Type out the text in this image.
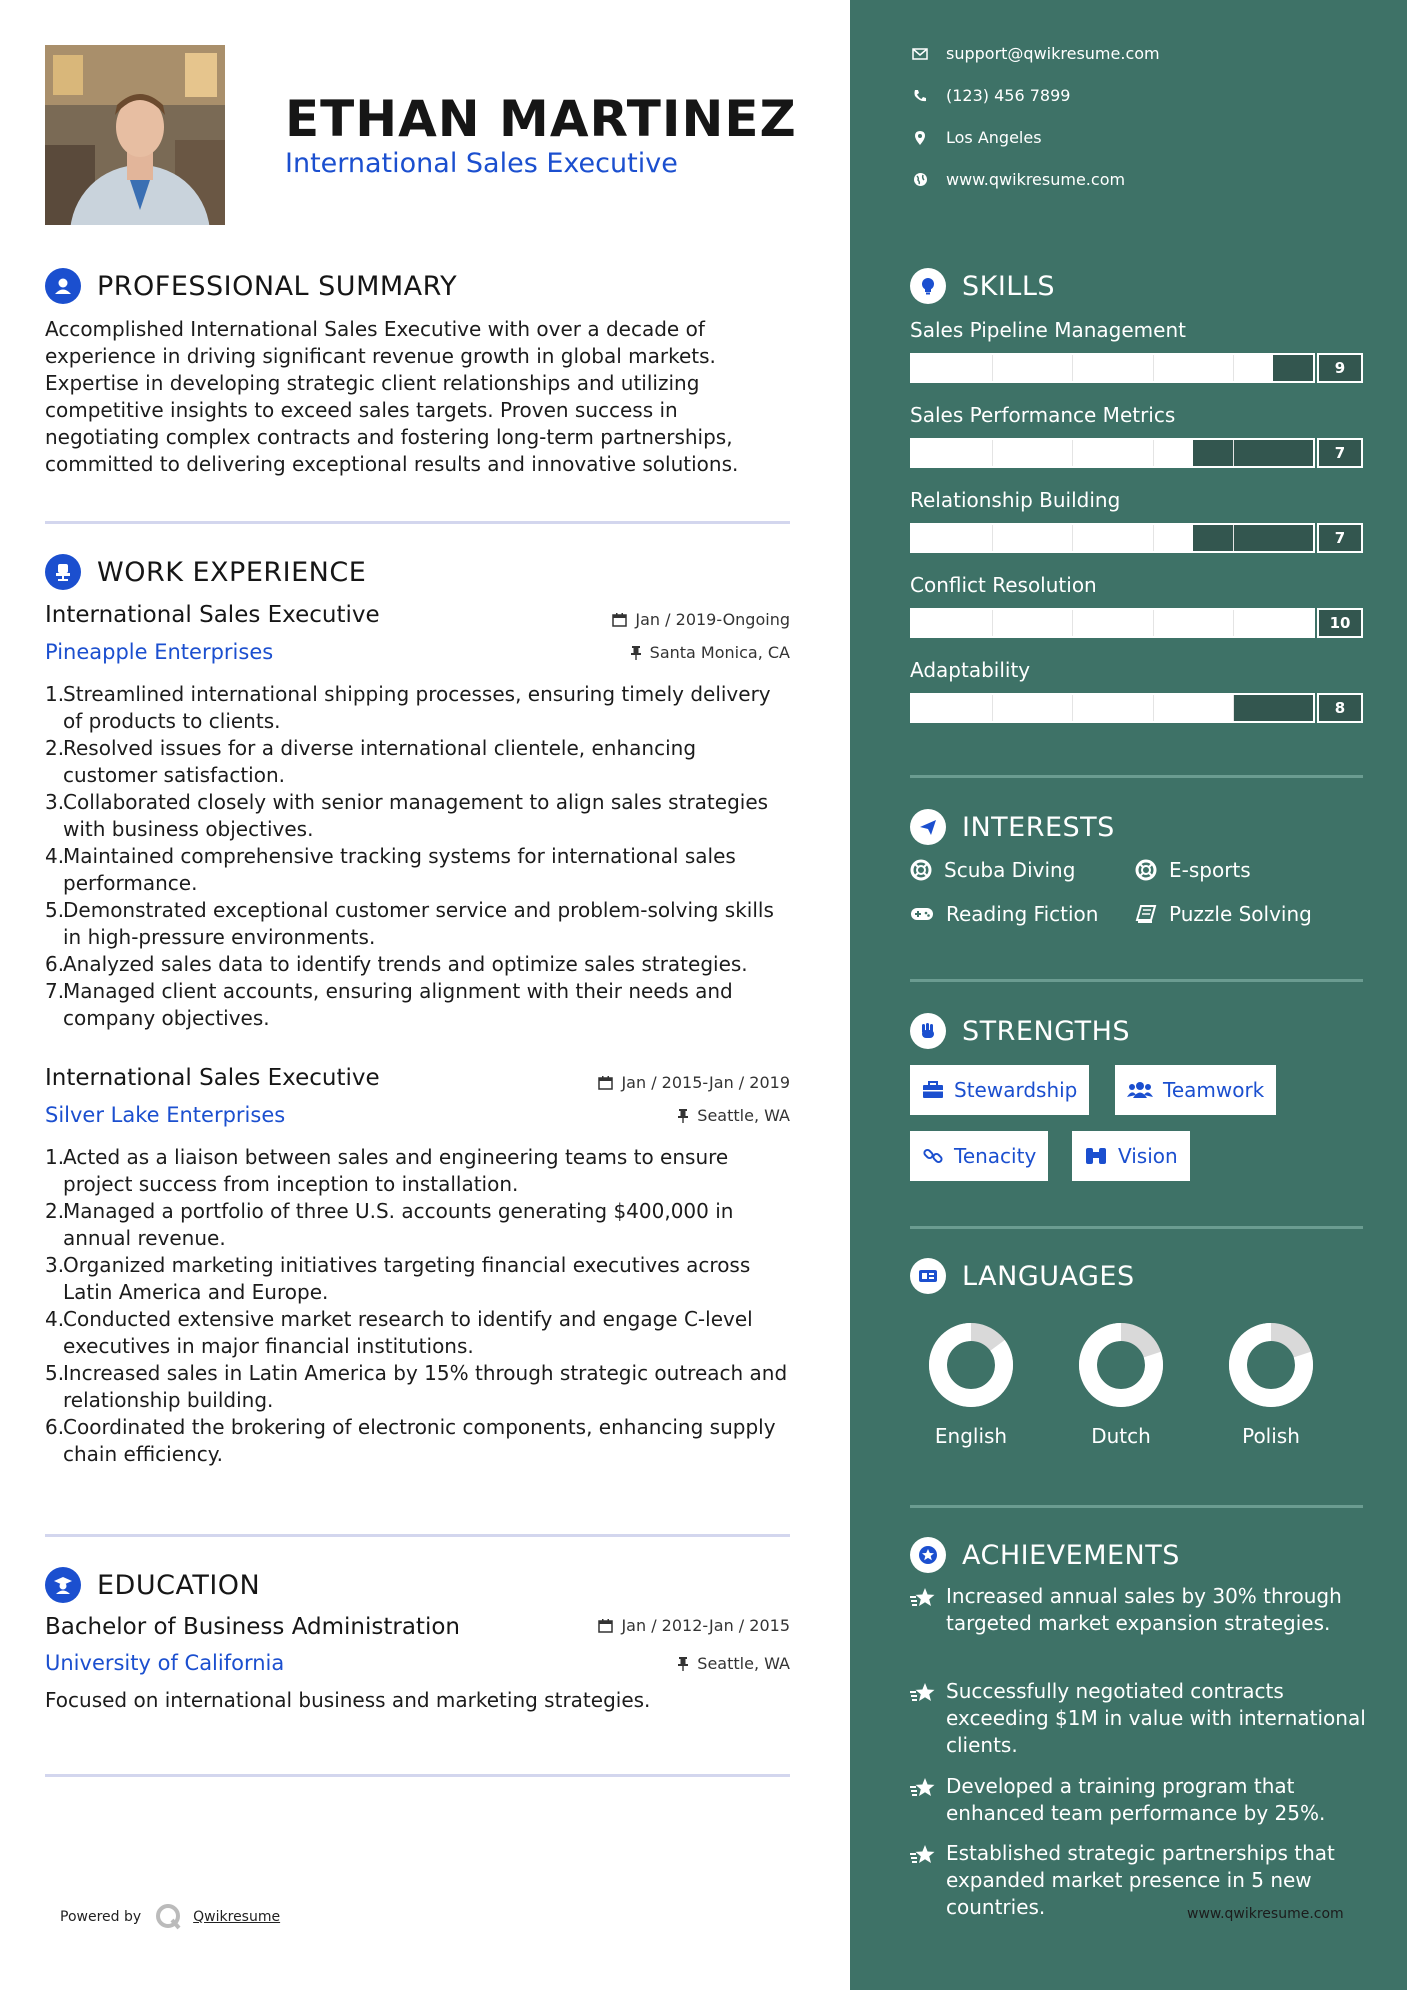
ETHAN MARTINEZ
International Sales Executive
PROFESSIONAL SUMMARY
Accomplished International Sales Executive with over a decade of experience in driving significant revenue growth in global markets. Expertise in developing strategic client relationships and utilizing competitive insights to exceed sales targets. Proven success in negotiating complex contracts and fostering long-term partnerships, committed to delivering exceptional results and innovative solutions.
WORK EXPERIENCE
International Sales Executive	Jan / 2019-Ongoing
Pineapple Enterprises	Santa Monica, CA
1.
Streamlined international shipping processes, ensuring timely delivery of products to clients.
2.
Resolved issues for a diverse international clientele, enhancing customer satisfaction.
3.
Collaborated closely with senior management to align sales strategies with business objectives.
4.
Maintained comprehensive tracking systems for international sales performance.
5.
Demonstrated exceptional customer service and problem-solving skills in high-pressure environments.
6.
Analyzed sales data to identify trends and optimize sales strategies.
7.
Managed client accounts, ensuring alignment with their needs and company objectives.
International Sales Executive	Jan / 2015-Jan / 2019
Silver Lake Enterprises	Seattle, WA
1.
Acted as a liaison between sales and engineering teams to ensure project success from inception to installation.
2.
Managed a portfolio of three U.S. accounts generating $400,000 in annual revenue.
3.
Organized marketing initiatives targeting financial executives across Latin America and Europe.
4.
Conducted extensive market research to identify and engage C-level executives in major financial institutions.
5.
Increased sales in Latin America by 15% through strategic outreach and relationship building.
6.
Coordinated the brokering of electronic components, enhancing supply chain efficiency.
EDUCATION
Bachelor of Business Administration	Jan / 2012-Jan / 2015
University of California	Seattle, WA
Focused on international business and marketing strategies.
Powered by	Qwikresume
support@qwikresume.com
(123) 456 7899
Los Angeles
www.qwikresume.com
SKILLS
Sales Pipeline Management
9
Sales Performance Metrics
7
Relationship Building
7
Conflict Resolution
10
Adaptability
8
INTERESTS
Scuba Diving	E-sports
Reading Fiction	Puzzle Solving
STRENGTHS
Stewardship	Teamwork
Tenacity	Vision
LANGUAGES
English	Dutch	Polish
ACHIEVEMENTS
Increased annual sales by 30% through targeted market expansion strategies.
Successfully negotiated contracts exceeding $1M in value with international clients.
Developed a training program that enhanced team performance by 25%.
Established strategic partnerships that expanded market presence in 5 new countries.	www.qwikresume.com
